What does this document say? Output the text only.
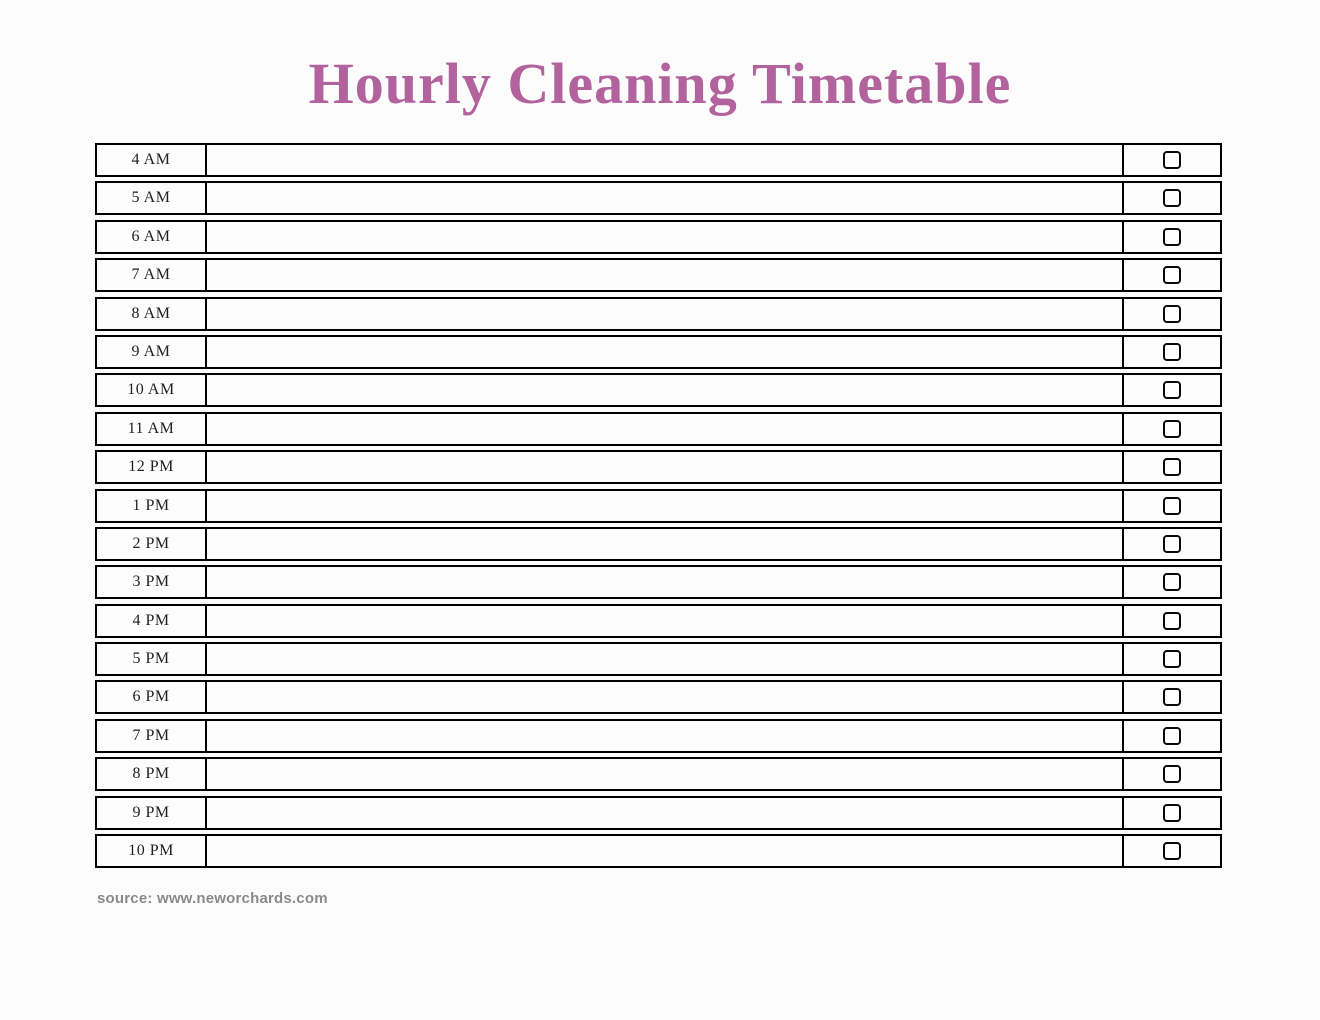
Hourly Cleaning Timetable
4 AM
5 AM
6 AM
7 AM
8 AM
9 AM
10 AM
11 AM
12 PM
1 PM
2 PM
3 PM
4 PM
5 PM
6 PM
7 PM
8 PM
9 PM
10 PM
source: www.neworchards.com
